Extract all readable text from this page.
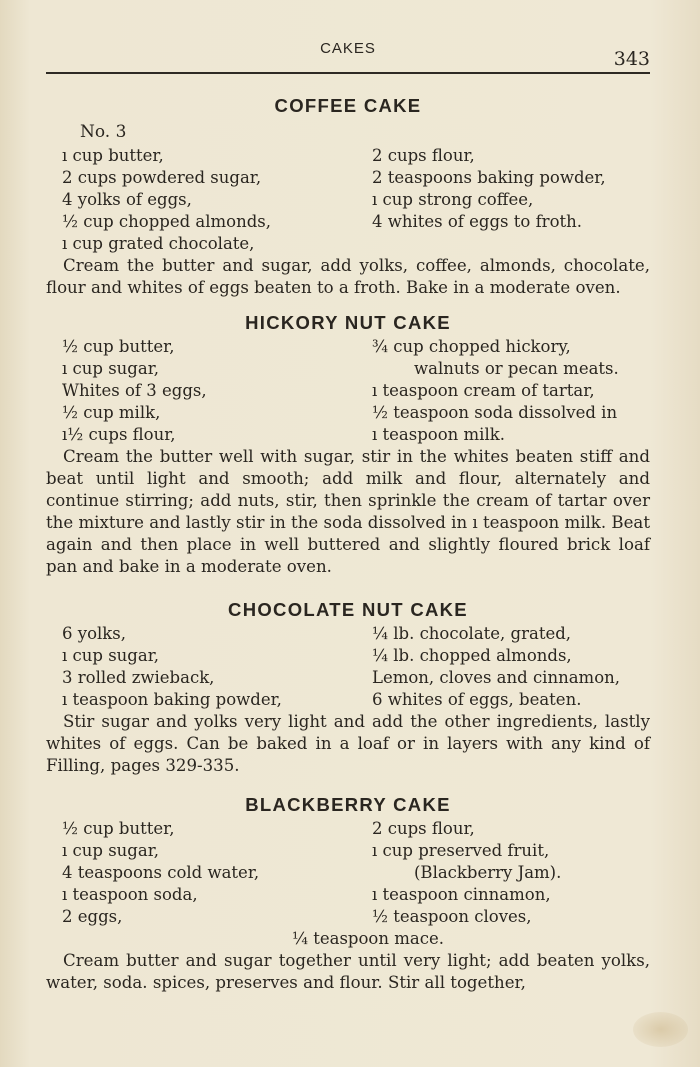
CAKES	343
COFFEE CAKE
No. 3
ı cup butter,
2 cups powdered sugar,
4 yolks of eggs,
½ cup chopped almonds,
ı cup grated chocolate,
2 cups flour,
2 teaspoons baking powder,
ı cup strong coffee,
4 whites of eggs to froth.

Cream the butter and sugar, add yolks, coffee, almonds, chocolate, flour and whites of eggs beaten to a froth. Bake in a moderate oven.

HICKORY NUT CAKE
½ cup butter,
ı cup sugar,
Whites of 3 eggs,
½ cup milk,
ı½ cups flour,
¾ cup chopped hickory,
walnuts or pecan meats.
ı teaspoon cream of tartar,
½ teaspoon soda dissolved in
ı teaspoon milk.

Cream the butter well with sugar, stir in the whites beaten stiff and beat until light and smooth; add milk and flour, alternately and continue stirring; add nuts, stir, then sprinkle the cream of tartar over the mixture and lastly stir in the soda dissolved in ı teaspoon milk. Beat again and then place in well buttered and slightly floured brick loaf pan and bake in a moderate oven.

CHOCOLATE NUT CAKE
6 yolks,
ı cup sugar,
3 rolled zwieback,
ı teaspoon baking powder,
¼ lb. chocolate, grated,
¼ lb. chopped almonds,
Lemon, cloves and cinnamon,
6 whites of eggs, beaten.

Stir sugar and yolks very light and add the other ingredients, lastly whites of eggs. Can be baked in a loaf or in layers with any kind of Filling, pages 329-335.

BLACKBERRY CAKE
½ cup butter,
ı cup sugar,
4 teaspoons cold water,
ı teaspoon soda,
2 eggs,
2 cups flour,
ı cup preserved fruit,
(Blackberry Jam).
ı teaspoon cinnamon,
½ teaspoon cloves,
¼ teaspoon mace.

Cream butter and sugar together until very light; add beaten yolks, water, soda. spices, preserves and flour. Stir all together,
